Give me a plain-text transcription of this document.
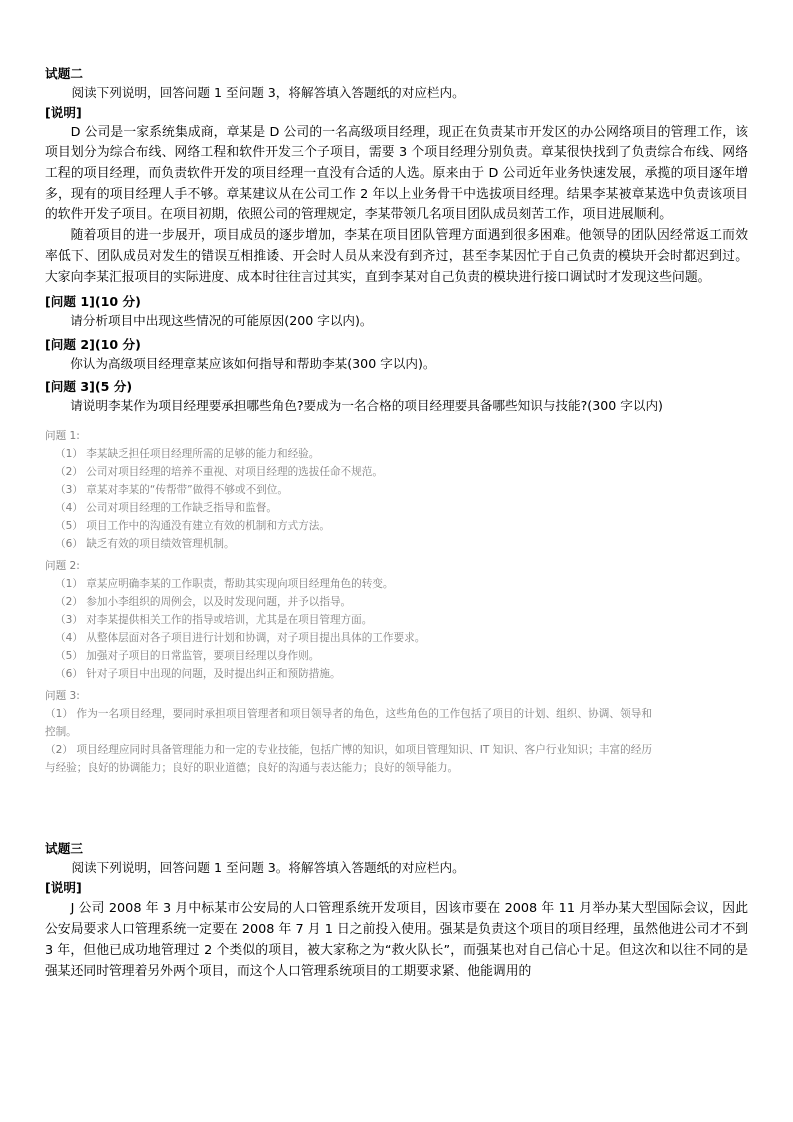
试题二

阅读下列说明，回答问题 1 至问题 3，将解答填入答题纸的对应栏内。

[说明]

D 公司是一家系统集成商，章某是 D 公司的一名高级项目经理，现正在负责某市开发区的办公网络项目的管理工作，该项目划分为综合布线、网络工程和软件开发三个子项目，需要 3 个项目经理分别负责。章某很快找到了负责综合布线、网络工程的项目经理，而负责软件开发的项目经理一直没有合适的人选。原来由于 D 公司近年业务快速发展，承揽的项目逐年增多，现有的项目经理人手不够。章某建议从在公司工作 2 年以上业务骨干中选拔项目经理。结果李某被章某选中负责该项目的软件开发子项目。在项目初期，依照公司的管理规定，李某带领几名项目团队成员刻苦工作，项目进展顺利。

随着项目的进一步展开，项目成员的逐步增加，李某在项目团队管理方面遇到很多困难。他领导的团队因经常返工而效率低下、团队成员对发生的错误互相推诿、开会时人员从来没有到齐过，甚至李某因忙于自己负责的模块开会时都迟到过。大家向李某汇报项目的实际进度、成本时往往言过其实，直到李某对自己负责的模块进行接口调试时才发现这些问题。

[问题 1](10 分)

请分析项目中出现这些情况的可能原因(200 字以内)。

[问题 2](10 分)

你认为高级项目经理章某应该如何指导和帮助李某(300 字以内)。

[问题 3](5 分)

请说明李某作为项目经理要承担哪些角色?要成为一名合格的项目经理要具备哪些知识与技能?(300 字以内)

问题 1:

（1） 李某缺乏担任项目经理所需的足够的能力和经验。

（2） 公司对项目经理的培养不重视、对项目经理的选拔任命不规范。

（3） 章某对李某的“传帮带”做得不够或不到位。

（4） 公司对项目经理的工作缺乏指导和监督。

（5） 项目工作中的沟通没有建立有效的机制和方式方法。

（6） 缺乏有效的项目绩效管理机制。

问题 2:

（1） 章某应明确李某的工作职责，帮助其实现向项目经理角色的转变。

（2） 参加小李组织的周例会，以及时发现问题，并予以指导。

（3） 对李某提供相关工作的指导或培训，尤其是在项目管理方面。

（4） 从整体层面对各子项目进行计划和协调，对子项目提出具体的工作要求。

（5） 加强对子项目的日常监管，要项目经理以身作则。

（6） 针对子项目中出现的问题，及时提出纠正和预防措施。

问题 3:

（1） 作为一名项目经理，要同时承担项目管理者和项目领导者的角色，这些角色的工作包括了项目的计划、组织、协调、领导和控制。

（2） 项目经理应同时具备管理能力和一定的专业技能，包括广博的知识，如项目管理知识、IT 知识、客户行业知识；丰富的经历与经验；良好的协调能力；良好的职业道德；良好的沟通与表达能力；良好的领导能力。

试题三

阅读下列说明，回答问题 1 至问题 3。将解答填入答题纸的对应栏内。

[说明]

J 公司 2008 年 3 月中标某市公安局的人口管理系统开发项目，因该市要在 2008 年 11 月举办某大型国际会议，因此公安局要求人口管理系统一定要在 2008 年 7 月 1 日之前投入使用。强某是负责这个项目的项目经理，虽然他进公司才不到 3 年，但他已成功地管理过 2 个类似的项目，被大家称之为“救火队长”，而强某也对自己信心十足。但这次和以往不同的是强某还同时管理着另外两个项目，而这个人口管理系统项目的工期要求紧、他能调用的
